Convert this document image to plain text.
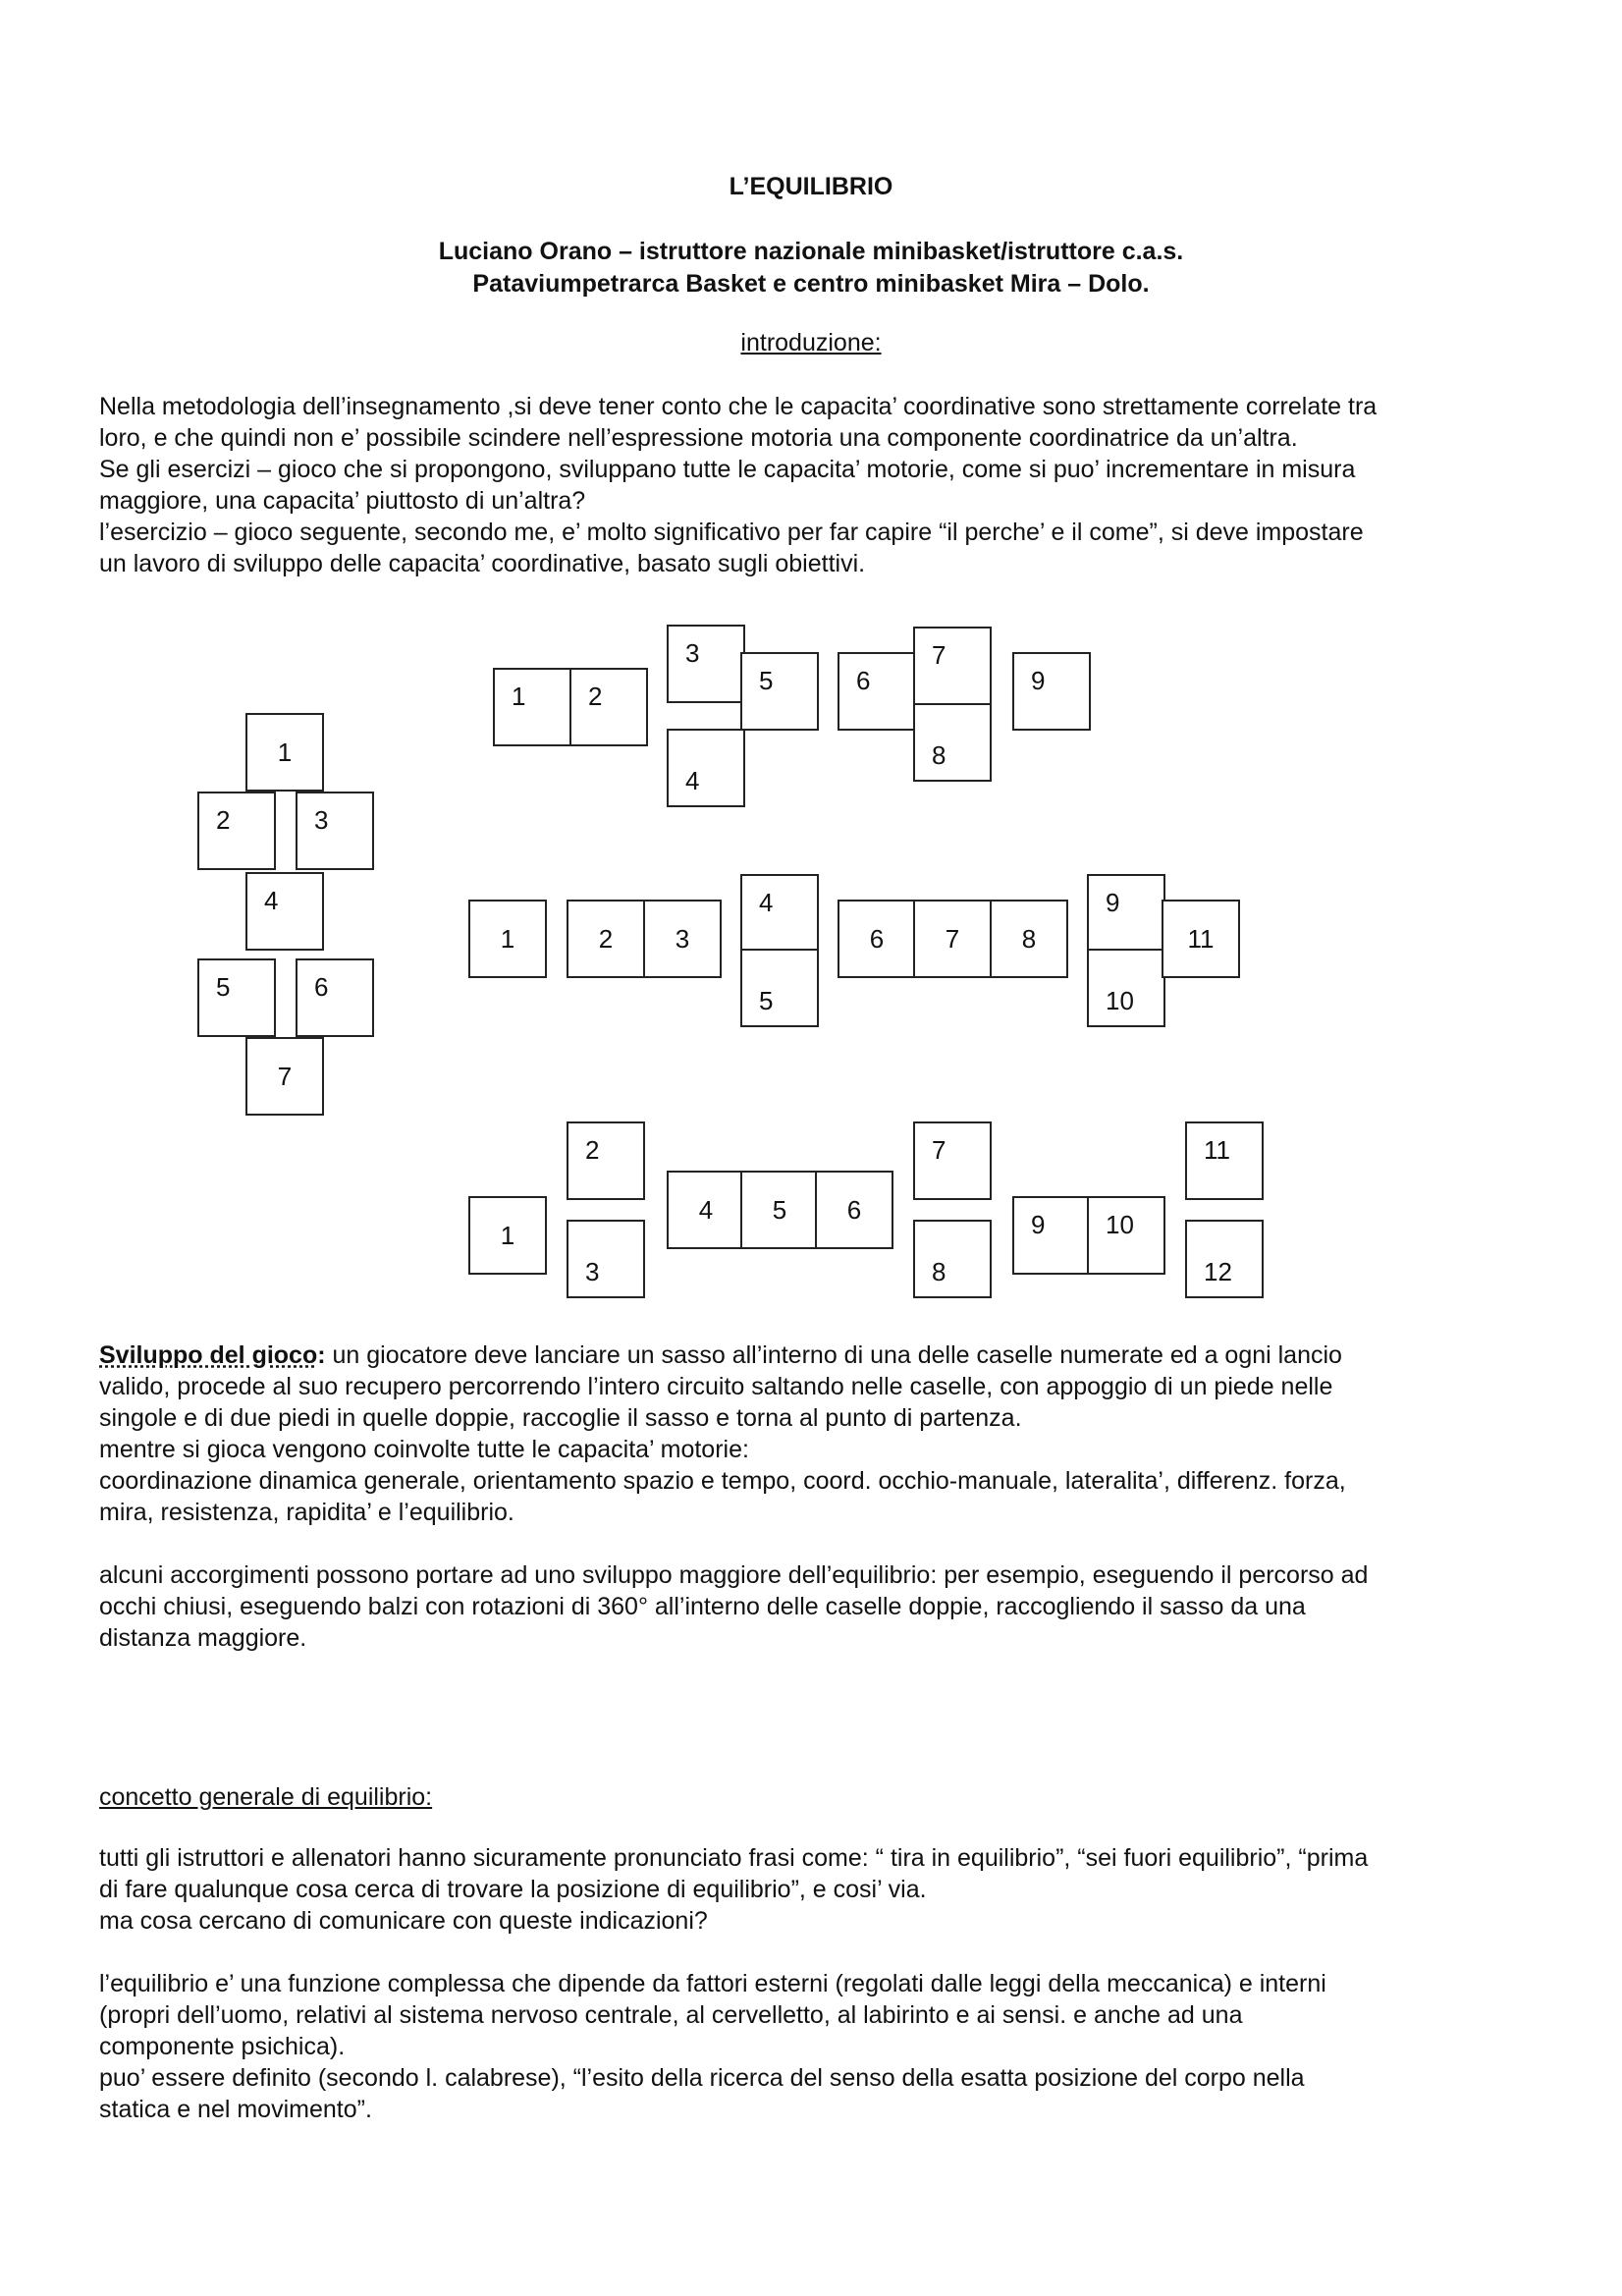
L’EQUILIBRIO
Luciano Orano – istruttore nazionale minibasket/istruttore c.a.s.
Pataviumpetrarca Basket e centro minibasket Mira – Dolo.
introduzione:

Nella metodologia dell’insegnamento ,si deve tener conto che le capacita’ coordinative sono strettamente correlate tra
loro, e che quindi non e’ possibile scindere nell’espressione motoria una componente coordinatrice da un’altra.
Se gli esercizi – gioco che si propongono, sviluppano tutte le capacita’ motorie, come si puo’ incrementare in misura
maggiore, una capacita’ piuttosto di un’altra?
l’esercizio – gioco seguente, secondo me, e’ molto significativo per far capire “il perche’ e il come”, si deve impostare
un lavoro di sviluppo delle capacita’ coordinative, basato sugli obiettivi.

1
2	3
4
5	6
7
1 2
3
4
5	6
7
8
9
1	2	3
4
5
6	7	8
9
10
11
1
2
3
4	5	6
7
8
9 10
11
12

Sviluppo del gioco: un giocatore deve lanciare un sasso all’interno di una delle caselle numerate ed a ogni lancio
valido, procede al suo recupero percorrendo l’intero circuito saltando nelle caselle, con appoggio di un piede nelle
singole e di due piedi in quelle doppie, raccoglie il sasso e torna al punto di partenza.
mentre si gioca vengono coinvolte tutte le capacita’ motorie:
coordinazione dinamica generale, orientamento spazio e tempo, coord. occhio-manuale, lateralita’, differenz. forza,
mira, resistenza, rapidita’ e l’equilibrio.

alcuni accorgimenti possono portare ad uno sviluppo maggiore dell’equilibrio: per esempio, eseguendo il percorso ad
occhi chiusi, eseguendo balzi con rotazioni di 360° all’interno delle caselle doppie, raccogliendo il sasso da una
distanza maggiore.

concetto generale di equilibrio:

tutti gli istruttori e allenatori hanno sicuramente pronunciato frasi come: “ tira in equilibrio”, “sei fuori equilibrio”, “prima
di fare qualunque cosa cerca di trovare la posizione di equilibrio”, e cosi’ via.
ma cosa cercano di comunicare con queste indicazioni?

l’equilibrio e’ una funzione complessa che dipende da fattori esterni (regolati dalle leggi della meccanica) e interni
(propri dell’uomo, relativi al sistema nervoso centrale, al cervelletto, al labirinto e ai sensi. e anche ad una
componente psichica).
puo’ essere definito (secondo l. calabrese), “l’esito della ricerca del senso della esatta posizione del corpo nella
statica e nel movimento”.
